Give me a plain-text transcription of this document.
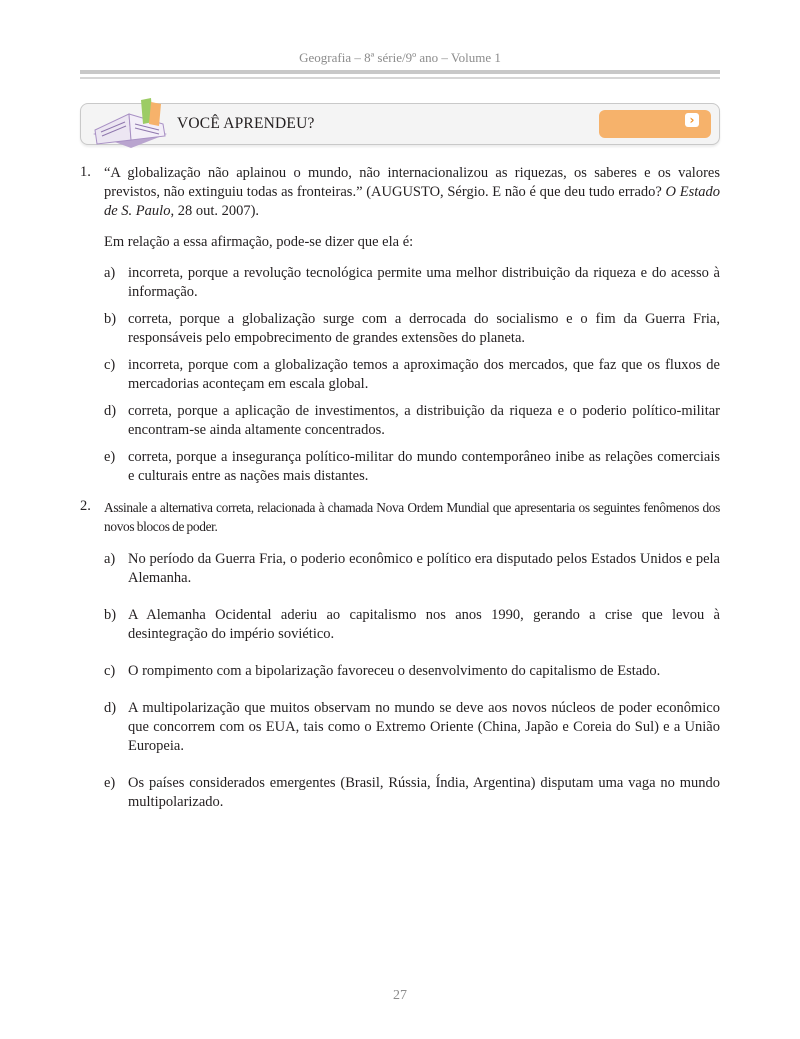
Geografia – 8ª série/9º ano – Volume 1
VOCÊ APRENDEU?	›
1. “A globalização não aplainou o mundo, não internacionalizou as riquezas, os saberes e os valores previstos, não extinguiu todas as fronteiras.” (AUGUSTO, Sérgio. E não é que deu tudo errado? O Estado de S. Paulo, 28 out. 2007).
Em relação a essa afirmação, pode-se dizer que ela é:
a) incorreta, porque a revolução tecnológica permite uma melhor distribuição da riqueza e do acesso à informação.
b) correta, porque a globalização surge com a derrocada do socialismo e o fim da Guerra Fria, responsáveis pelo empobrecimento de grandes extensões do planeta.
c) incorreta, porque com a globalização temos a aproximação dos mercados, que faz que os fluxos de mercadorias aconteçam em escala global.
d) correta, porque a aplicação de investimentos, a distribuição da riqueza e o poderio político-militar encontram-se ainda altamente concentrados.
e) correta, porque a insegurança político-militar do mundo contemporâneo inibe as relações comerciais e culturais entre as nações mais distantes.
2. Assinale a alternativa correta, relacionada à chamada Nova Ordem Mundial que apresentaria os seguintes fenômenos dos novos blocos de poder.
a) No período da Guerra Fria, o poderio econômico e político era disputado pelos Estados Unidos e pela Alemanha.
b) A Alemanha Ocidental aderiu ao capitalismo nos anos 1990, gerando a crise que levou à desintegração do império soviético.
c) O rompimento com a bipolarização favoreceu o desenvolvimento do capitalismo de Estado.
d) A multipolarização que muitos observam no mundo se deve aos novos núcleos de poder econômico que concorrem com os EUA, tais como o Extremo Oriente (China, Japão e Coreia do Sul) e a União Europeia.
e) Os países considerados emergentes (Brasil, Rússia, Índia, Argentina) disputam uma vaga no mundo multipolarizado.
27
